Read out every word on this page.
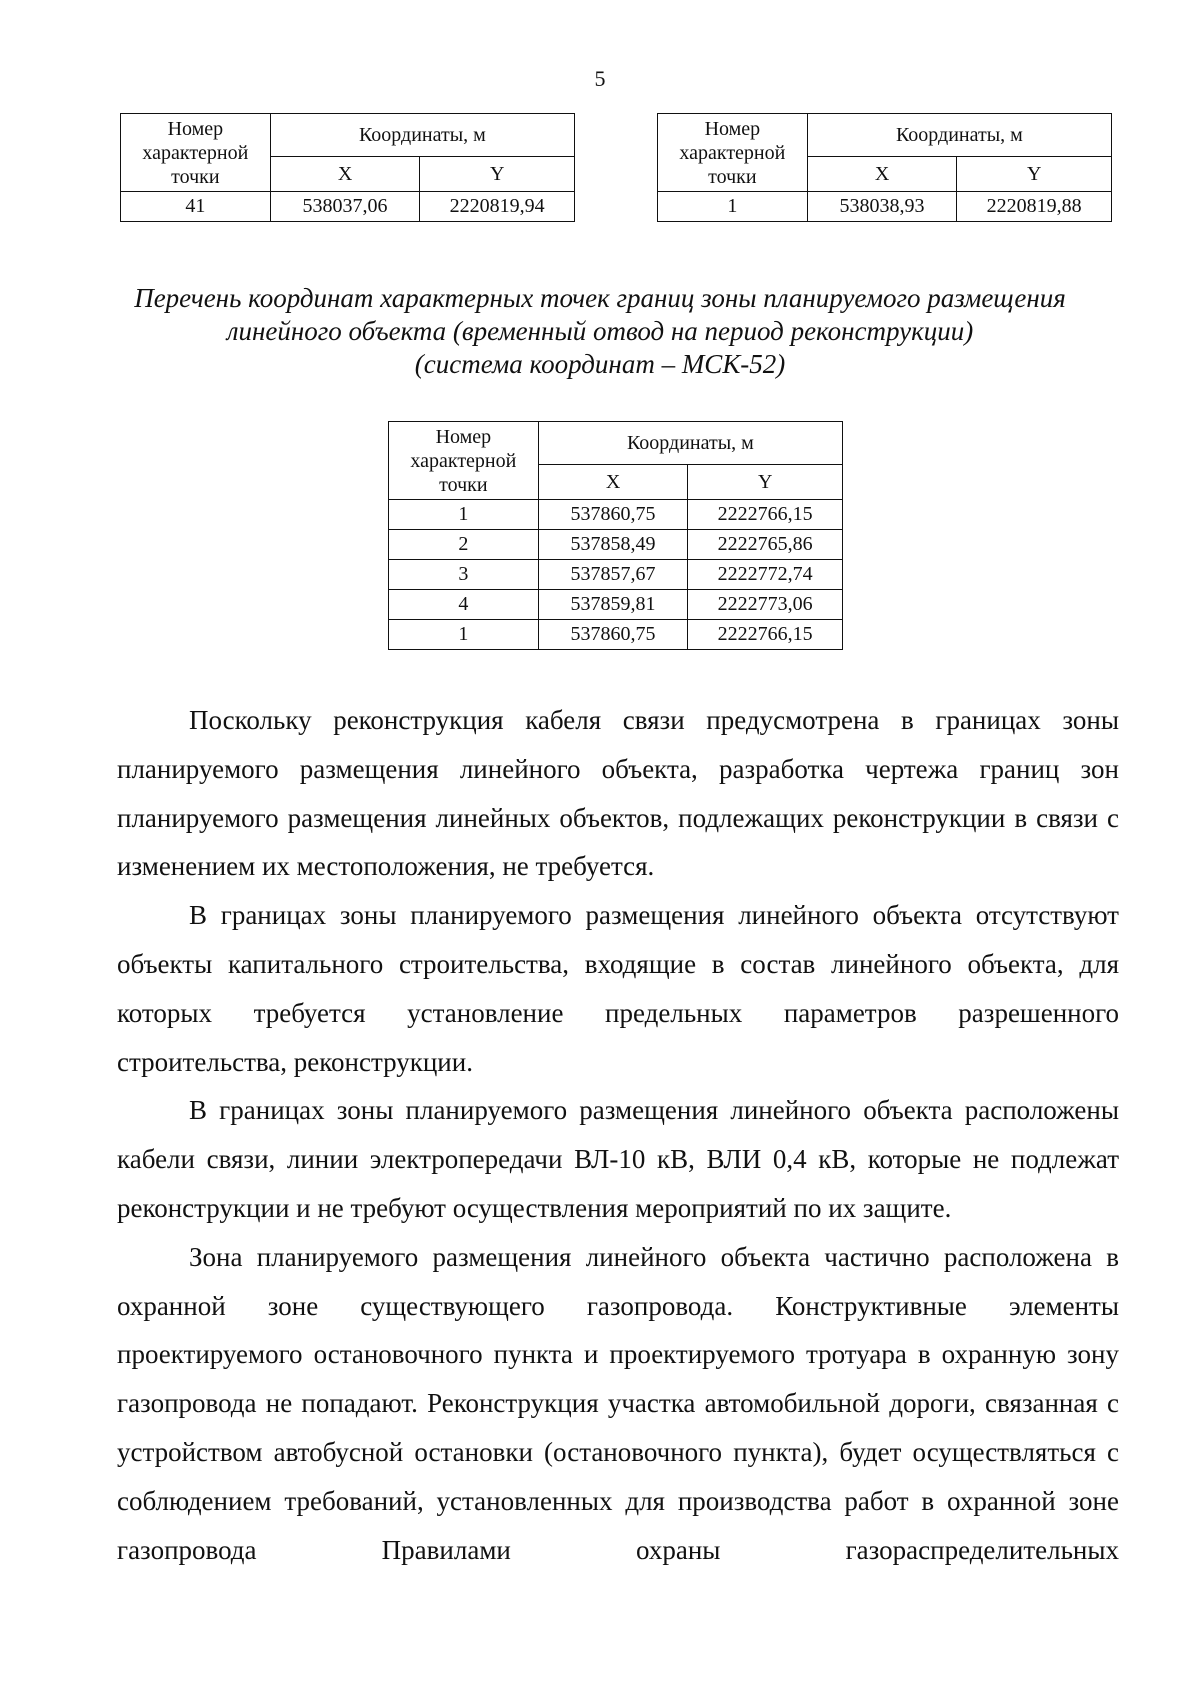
5
Номер
характерной
точки	Координаты, м	
	X	Y
41	538037,06	2220819,94
Номер
характерной
точки	Координаты, м	
	X	Y
1	538038,93	2220819,88
Перечень координат характерных точек границ зоны планируемого размещения
линейного объекта (временный отвод на период реконструкции)
(система координат – МСК-52)
Номер
характерной
точки	Координаты, м	
	X	Y
1	537860,75	2222766,15
2	537858,49	2222765,86
3	537857,67	2222772,74
4	537859,81	2222773,06
1	537860,75	2222766,15

Поскольку реконструкция кабеля связи предусмотрена в границах зоны планируемого размещения линейного объекта, разработка чертежа границ зон планируемого размещения линейных объектов, подлежащих реконструкции в связи с изменением их местоположения, не требуется.

В границах зоны планируемого размещения линейного объекта отсутствуют объекты капитального строительства, входящие в состав линейного объекта, для которых требуется установление предельных параметров разрешенного строительства, реконструкции.

В границах зоны планируемого размещения линейного объекта расположены кабели связи, линии электропередачи ВЛ-10 кВ, ВЛИ 0,4 кВ, которые не подлежат реконструкции и не требуют осуществления мероприятий по их защите.

Зона планируемого размещения линейного объекта частично расположена в охранной зоне существующего газопровода. Конструктивные элементы проектируемого остановочного пункта и проектируемого тротуара в охранную зону газопровода не попадают. Реконструкция участка автомобильной дороги, связанная с устройством автобусной остановки (остановочного пункта), будет осуществляться с соблюдением требований, установленных для производства работ в охранной зоне газопровода Правилами охраны газораспределительных
